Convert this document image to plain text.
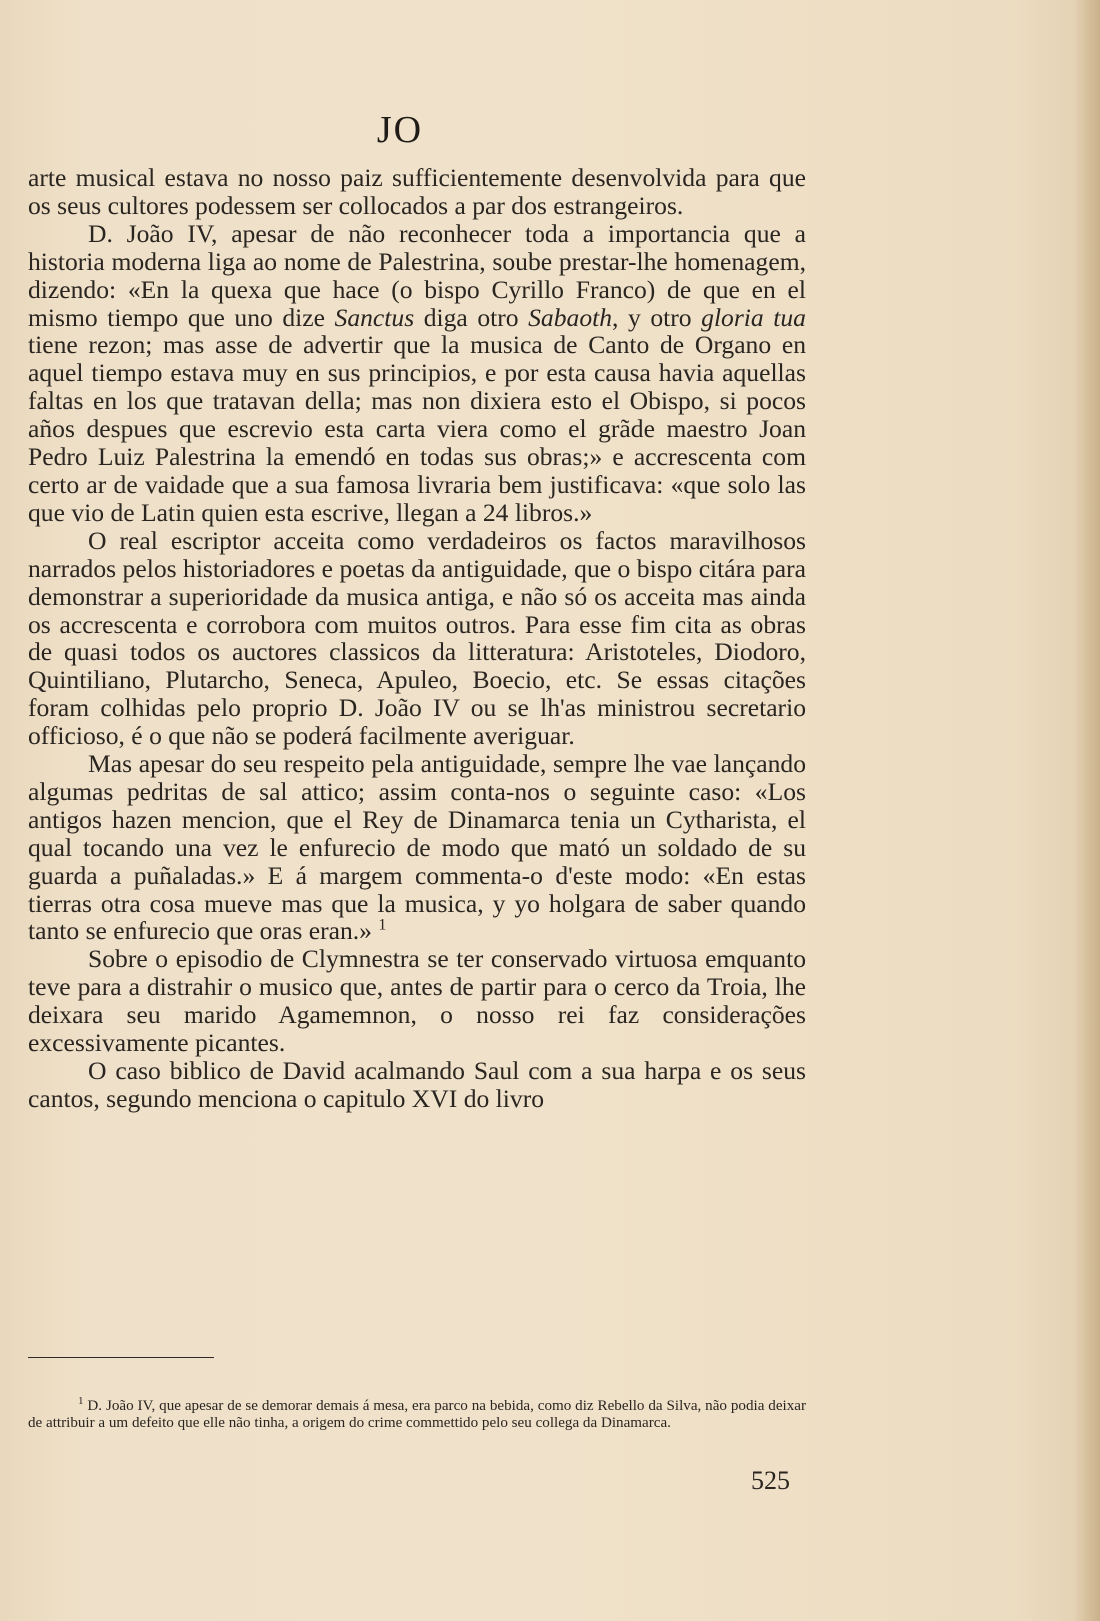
JO

arte musical estava no nosso paiz sufficientemente desenvolvida para que os seus cultores podessem ser collocados a par dos estrangeiros.

D. João IV, apesar de não reconhecer toda a importancia que a historia moderna liga ao nome de Palestrina, soube prestar-lhe homenagem, dizendo: «En la quexa que hace (o bispo Cyrillo Franco) de que en el mismo tiempo que uno dize Sanctus diga otro Sabaoth, y otro gloria tua tiene rezon; mas asse de advertir que la musica de Canto de Organo en aquel tiempo estava muy en sus principios, e por esta causa havia aquellas faltas en los que tratavan della; mas non dixiera esto el Obispo, si pocos años despues que escrevio esta carta viera como el grãde maestro Joan Pedro Luiz Palestrina la emendó en todas sus obras;» e accrescenta com certo ar de vaidade que a sua famosa livraria bem justificava: «que solo las que vio de Latin quien esta escrive, llegan a 24 libros.»

O real escriptor acceita como verdadeiros os factos maravilhosos narrados pelos historiadores e poetas da antiguidade, que o bispo citára para demonstrar a superioridade da musica antiga, e não só os acceita mas ainda os accrescenta e corrobora com muitos outros. Para esse fim cita as obras de quasi todos os auctores classicos da litteratura: Aristoteles, Diodoro, Quintiliano, Plutarcho, Seneca, Apuleo, Boecio, etc. Se essas citações foram colhidas pelo proprio D. João IV ou se lh'as ministrou secretario officioso, é o que não se poderá facilmente averiguar.

Mas apesar do seu respeito pela antiguidade, sempre lhe vae lançando algumas pedritas de sal attico; assim conta-nos o seguinte caso: «Los antigos hazen mencion, que el Rey de Dinamarca tenia un Cytharista, el qual tocando una vez le enfurecio de modo que mató un soldado de su guarda a puñaladas.» E á margem commenta-o d'este modo: «En estas tierras otra cosa mueve mas que la musica, y yo holgara de saber quando tanto se enfurecio que oras eran.» $^1$

Sobre o episodio de Clymnestra se ter conservado virtuosa emquanto teve para a distrahir o musico que, antes de partir para o cerco da Troia, lhe deixara seu marido Agamemnon, o nosso rei faz considerações excessivamente picantes.

O caso biblico de David acalmando Saul com a sua harpa e os seus cantos, segundo menciona o capitulo XVI do livro

$^1$ D. João IV, que apesar de se demorar demais á mesa, era parco na bebida, como diz Rebello da Silva, não podia deixar de attribuir a um defeito que elle não tinha, a origem do crime commettido pelo seu collega da Dinamarca.
525
